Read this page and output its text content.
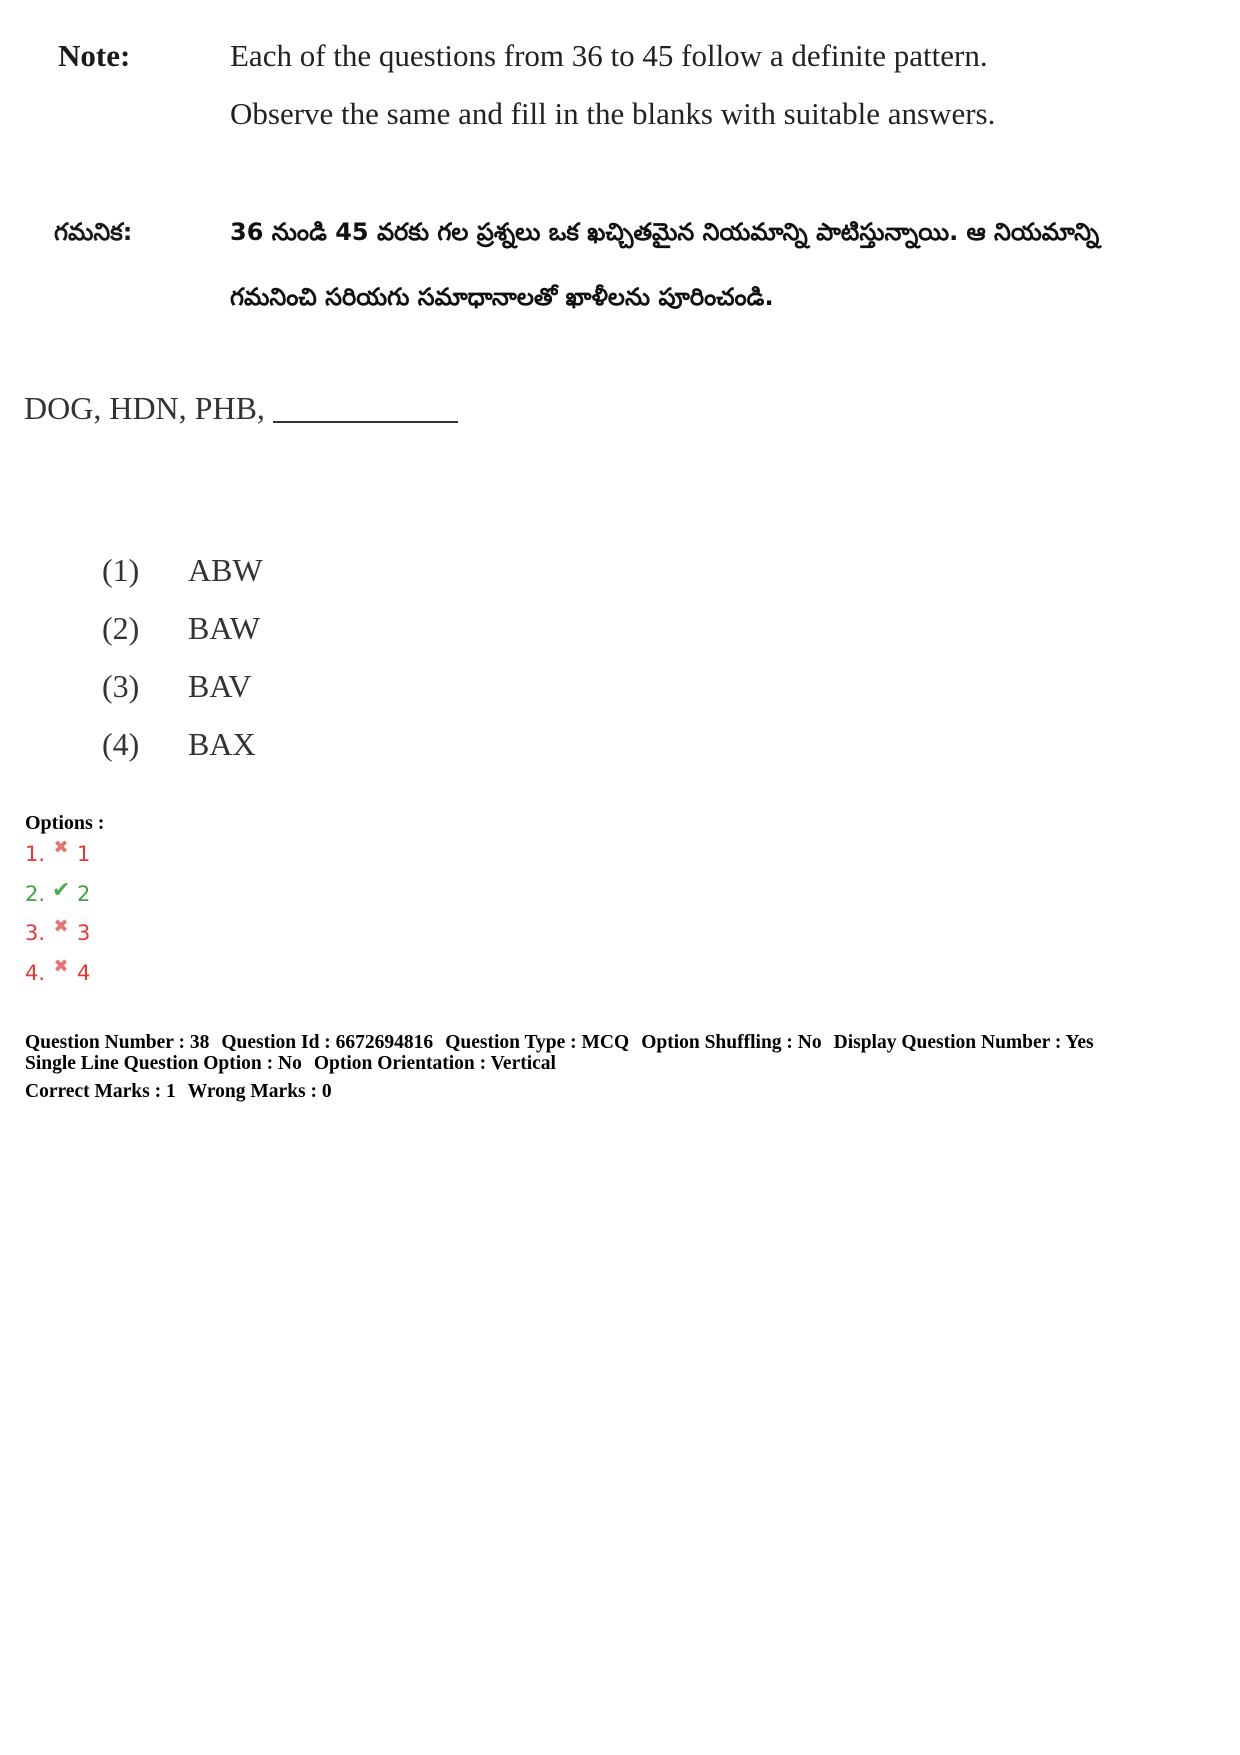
Note:	Each of the questions from 36 to 45 follow a definite pattern.
Observe the same and fill in the blanks with suitable answers.
గమనిక:	36 నుండి 45 వరకు గల ప్రశ్నలు ఒక ఖచ్చితమైన నియమాన్ని పాటిస్తున్నాయి. ఆ నియమాన్ని
గమనించి సరియగు సమాధానాలతో ఖాళీలను పూరించండి.
DOG, HDN, PHB,
(1) ABW
(2) BAW
(3) BAV
(4) BAX
Options :
1. ✖ 1
2. ✔ 2
3. ✖ 3
4. ✖ 4
Question Number : 38 Question Id : 6672694816 Question Type : MCQ Option Shuffling : No Display Question Number : Yes
Single Line Question Option : No Option Orientation : Vertical
Correct Marks : 1 Wrong Marks : 0
